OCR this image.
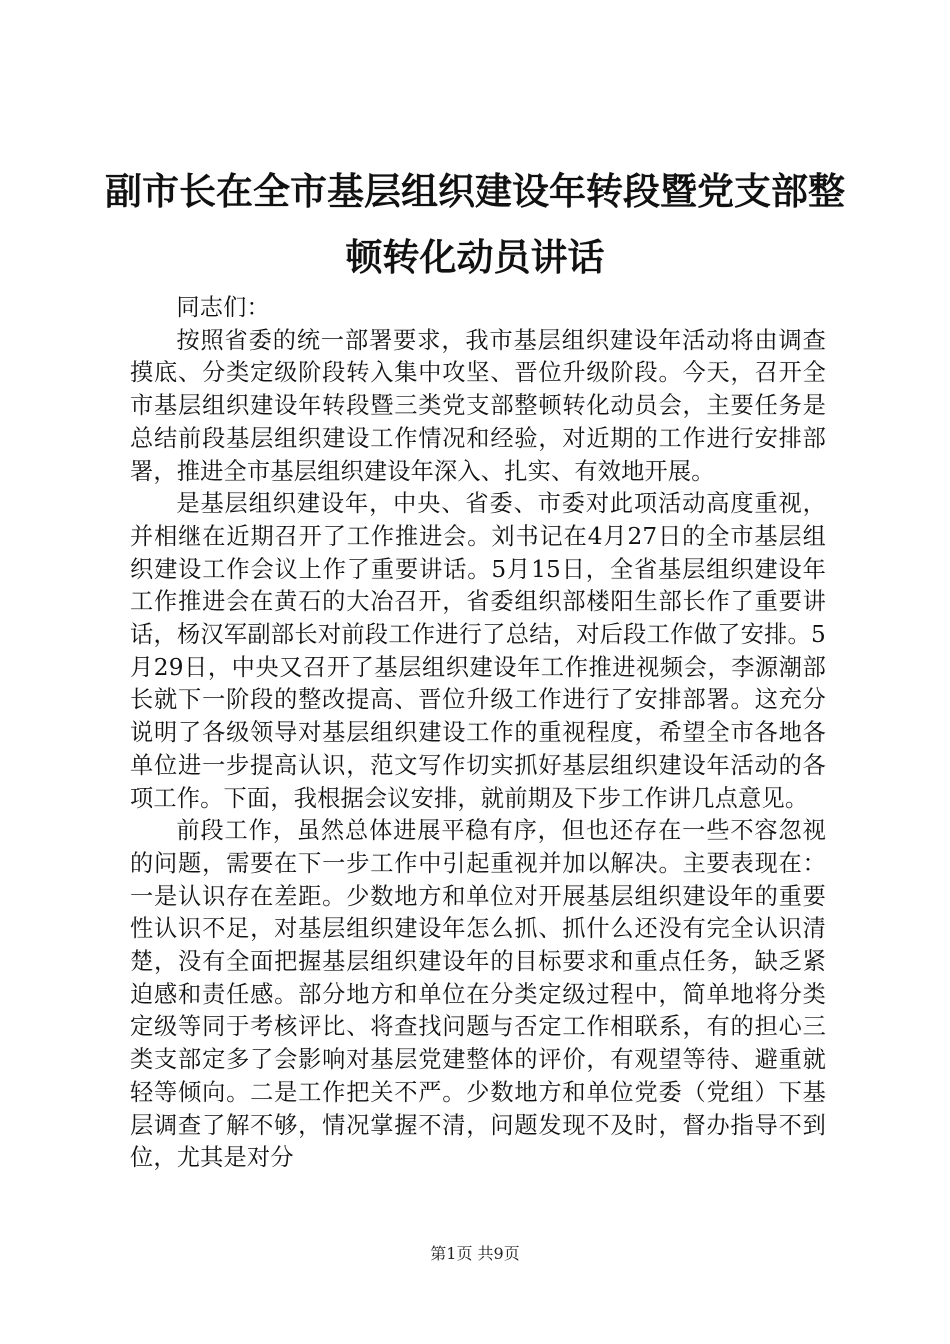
副市长在全市基层组织建设年转段暨党支部整顿转化动员讲话

同志们：

按照省委的统一部署要求，我市基层组织建设年活动将由调查摸底、分类定级阶段转入集中攻坚、晋位升级阶段。今天，召开全市基层组织建设年转段暨三类党支部整顿转化动员会，主要任务是总结前段基层组织建设工作情况和经验，对近期的工作进行安排部署，推进全市基层组织建设年深入、扎实、有效地开展。

是基层组织建设年，中央、省委、市委对此项活动高度重视，并相继在近期召开了工作推进会。刘书记在4月27日的全市基层组织建设工作会议上作了重要讲话。5月15日，全省基层组织建设年工作推进会在黄石的大冶召开，省委组织部楼阳生部长作了重要讲话，杨汉军副部长对前段工作进行了总结，对后段工作做了安排。5月29日，中央又召开了基层组织建设年工作推进视频会，李源潮部长就下一阶段的整改提高、晋位升级工作进行了安排部署。这充分说明了各级领导对基层组织建设工作的重视程度，希望全市各地各单位进一步提高认识，范文写作切实抓好基层组织建设年活动的各项工作。下面，我根据会议安排，就前期及下步工作讲几点意见。

前段工作，虽然总体进展平稳有序，但也还存在一些不容忽视的问题，需要在下一步工作中引起重视并加以解决。主要表现在：一是认识存在差距。少数地方和单位对开展基层组织建设年的重要性认识不足，对基层组织建设年怎么抓、抓什么还没有完全认识清楚，没有全面把握基层组织建设年的目标要求和重点任务，缺乏紧迫感和责任感。部分地方和单位在分类定级过程中，简单地将分类定级等同于考核评比、将查找问题与否定工作相联系，有的担心三类支部定多了会影响对基层党建整体的评价，有观望等待、避重就轻等倾向。二是工作把关不严。少数地方和单位党委（党组）下基层调查了解不够，情况掌握不清，问题发现不及时，督办指导不到位，尤其是对分

第1页 共9页
